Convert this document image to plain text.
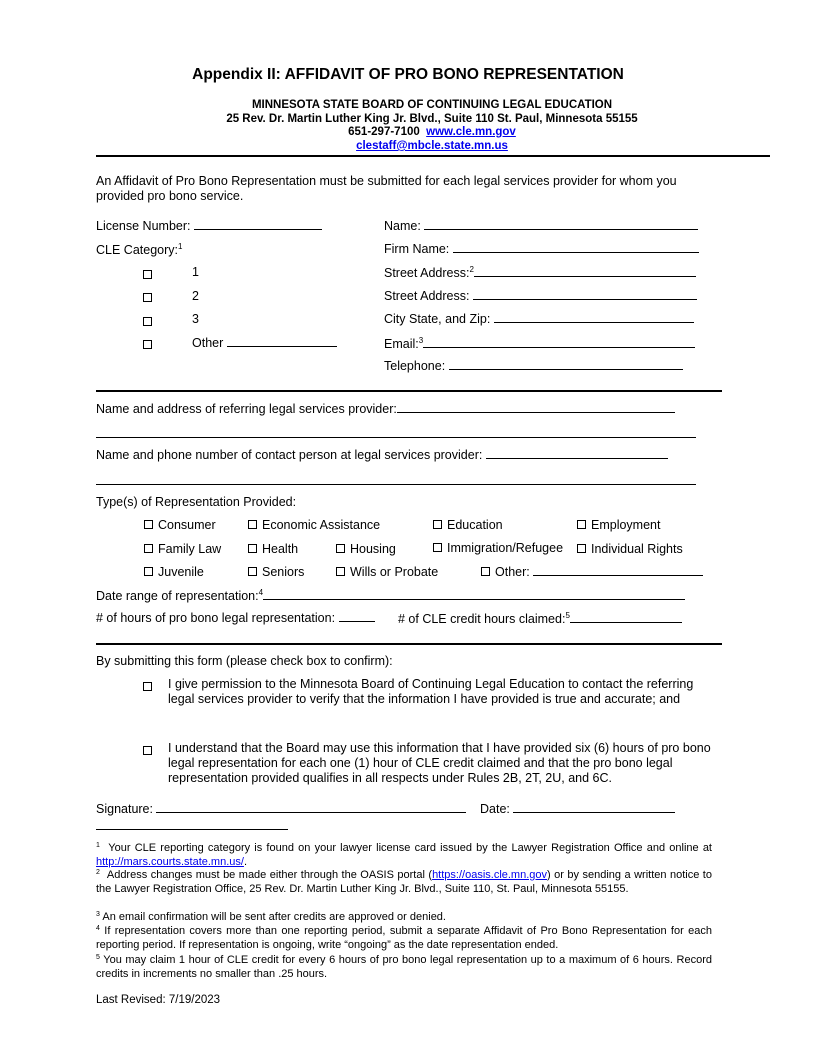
Appendix II: AFFIDAVIT OF PRO BONO REPRESENTATION
MINNESOTA STATE BOARD OF CONTINUING LEGAL EDUCATION
25 Rev. Dr. Martin Luther King Jr. Blvd., Suite 110 St. Paul, Minnesota 55155
651-297-7100 www.cle.mn.gov
clestaff@mbcle.state.mn.us
An Affidavit of Pro Bono Representation must be submitted for each legal services provider for whom you provided pro bono service.
License Number:
CLE Category:$^1$
1
2
3
Other
Name:
Firm Name:
Street Address:$^2$
Street Address:
City State, and Zip:
Email:$^3$
Telephone:
Name and address of referring legal services provider:
Name and phone number of contact person at legal services provider:
Type(s) of Representation Provided:
Consumer	Economic Assistance	Education	Employment
Family Law	Health	Housing	Immigration/Refugee	Individual Rights
Juvenile	Seniors	Wills or Probate	Other:
Date range of representation:$^4$
# of hours of pro bono legal representation:	# of CLE credit hours claimed:$^5$
By submitting this form (please check box to confirm):
I give permission to the Minnesota Board of Continuing Legal Education to contact the referring legal services provider to verify that the information I have provided is true and accurate; and
I understand that the Board may use this information that I have provided six (6) hours of pro bono legal representation for each one (1) hour of CLE credit claimed and that the pro bono legal representation provided qualifies in all respects under Rules 2B, 2T, 2U, and 6C.
Signature:	Date:
$^1$ Your CLE reporting category is found on your lawyer license card issued by the Lawyer Registration Office and online at http://mars.courts.state.mn.us/.
$^2$ Address changes must be made either through the OASIS portal (https://oasis.cle.mn.gov) or by sending a written notice to the Lawyer Registration Office, 25 Rev. Dr. Martin Luther King Jr. Blvd., Suite 110, St. Paul, Minnesota 55155.
$^3$ An email confirmation will be sent after credits are approved or denied.
$^4$ If representation covers more than one reporting period, submit a separate Affidavit of Pro Bono Representation for each reporting period. If representation is ongoing, write “ongoing” as the date representation ended.
$^5$ You may claim 1 hour of CLE credit for every 6 hours of pro bono legal representation up to a maximum of 6 hours. Record credits in increments no smaller than .25 hours.
Last Revised: 7/19/2023
